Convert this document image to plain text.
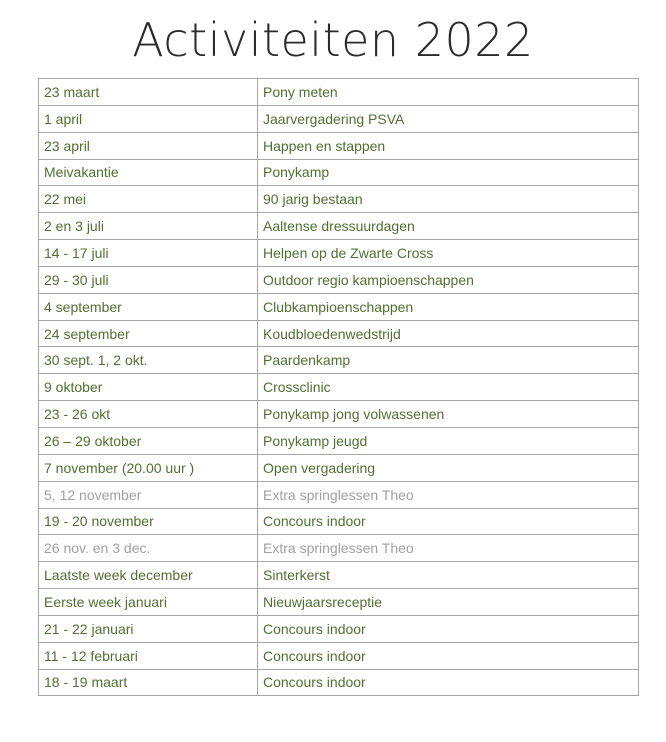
Activiteiten 2022
23 maart	Pony meten
1 april	Jaarvergadering PSVA
23 april	Happen en stappen
Meivakantie	Ponykamp
22 mei	90 jarig bestaan
2 en 3 juli	Aaltense dressuurdagen
14 - 17 juli	Helpen op de Zwarte Cross
29 - 30 juli	Outdoor regio kampioenschappen
4 september	Clubkampioenschappen
24 september	Koudbloedenwedstrijd
30 sept. 1, 2 okt.	Paardenkamp
9 oktober	Crossclinic
23 - 26 okt	Ponykamp jong volwassenen
26 – 29 oktober	Ponykamp jeugd
7 november (20.00 uur )	Open vergadering
5, 12 november	Extra springlessen Theo
19 - 20 november	Concours indoor
26 nov. en 3 dec.	Extra springlessen Theo
Laatste week december	Sinterkerst
Eerste week januari	Nieuwjaarsreceptie
21 - 22 januari	Concours indoor
11 - 12 februari	Concours indoor
18 - 19 maart	Concours indoor
